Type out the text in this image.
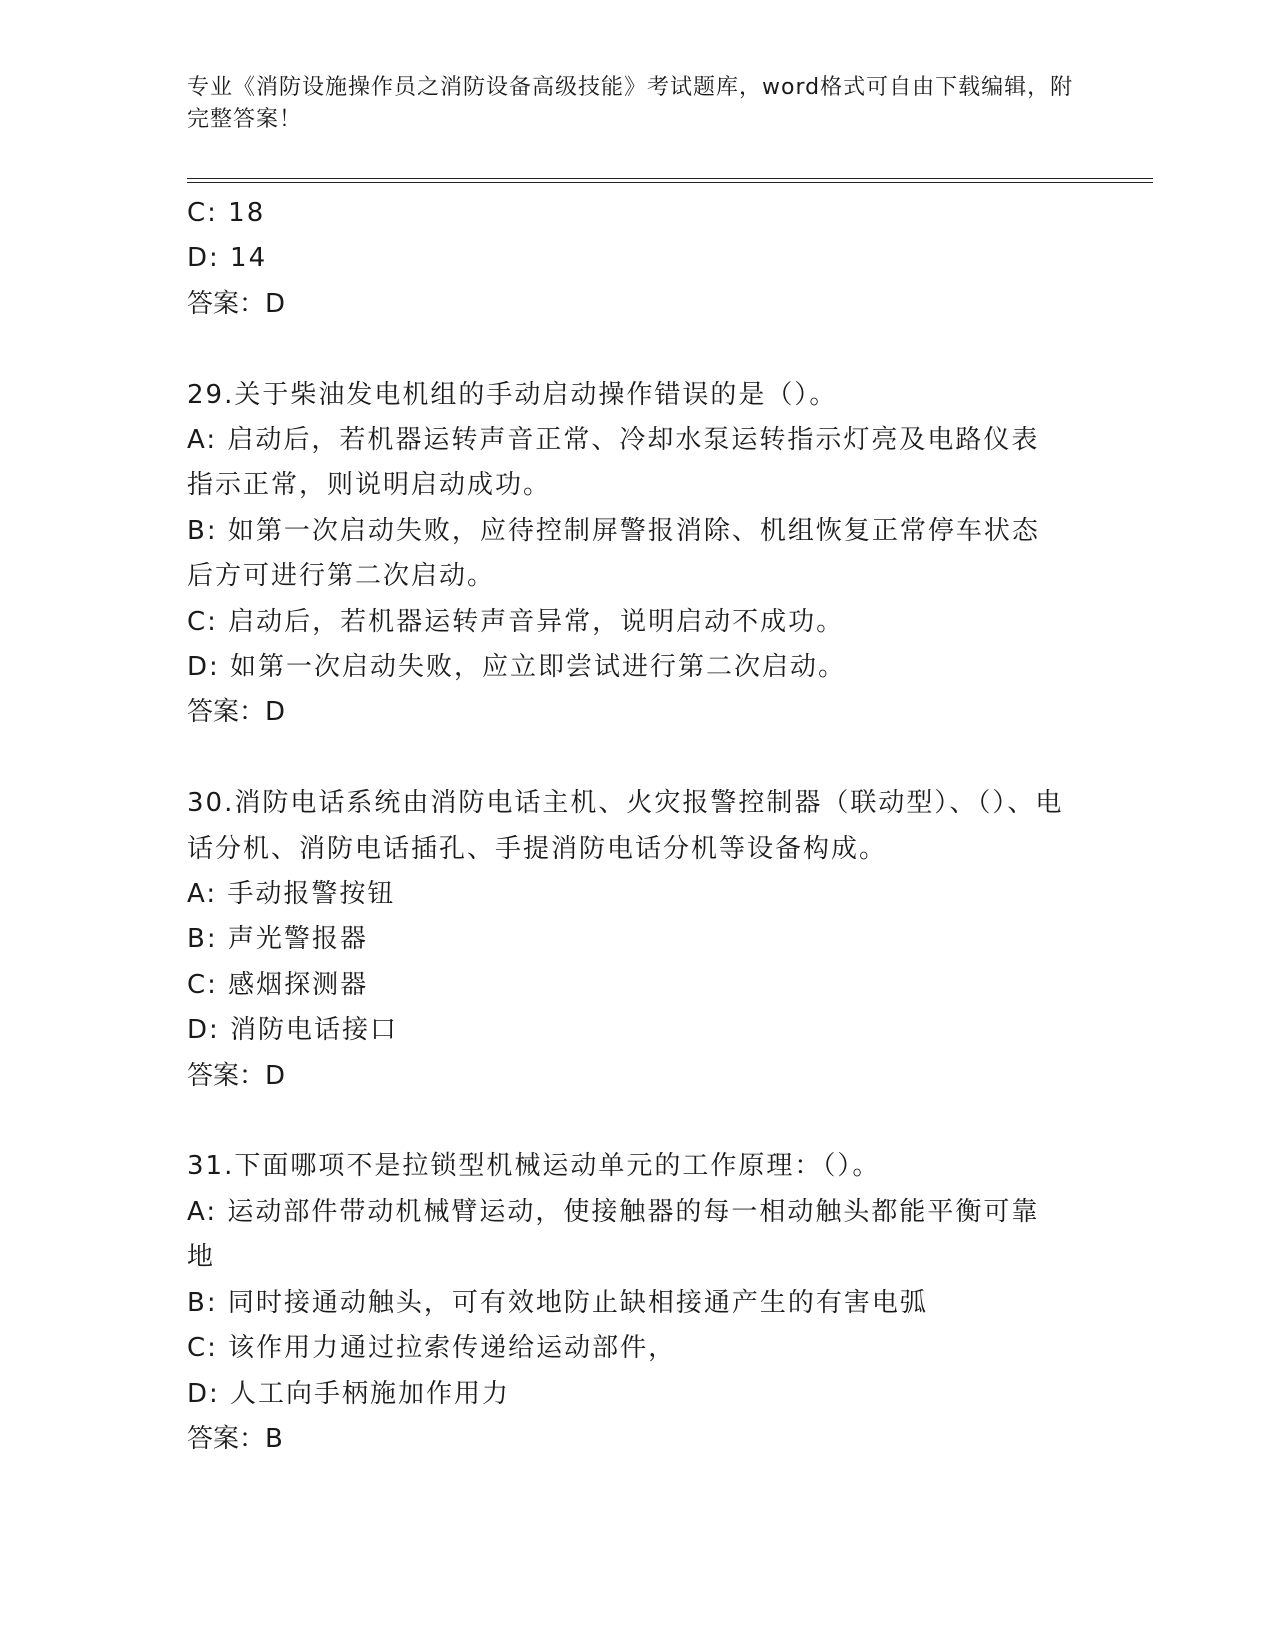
专业《消防设施操作员之消防设备高级技能》考试题库，word格式可自由下载编辑，附完整答案！
C: 18
D: 14
答案：D
29.关于柴油发电机组的手动启动操作错误的是（）。
A: 启动后，若机器运转声音正常、冷却水泵运转指示灯亮及电路仪表指示正常，则说明启动成功。
B: 如第一次启动失败，应待控制屏警报消除、机组恢复正常停车状态后方可进行第二次启动。
C: 启动后，若机器运转声音异常，说明启动不成功。
D: 如第一次启动失败，应立即尝试进行第二次启动。
答案：D
30.消防电话系统由消防电话主机、火灾报警控制器（联动型）、（）、电话分机、消防电话插孔、手提消防电话分机等设备构成。
A: 手动报警按钮
B: 声光警报器
C: 感烟探测器
D: 消防电话接口
答案：D
31.下面哪项不是拉锁型机械运动单元的工作原理：（）。
A: 运动部件带动机械臂运动，使接触器的每一相动触头都能平衡可靠地
B: 同时接通动触头，可有效地防止缺相接通产生的有害电弧
C: 该作用力通过拉索传递给运动部件，
D: 人工向手柄施加作用力
答案：B
